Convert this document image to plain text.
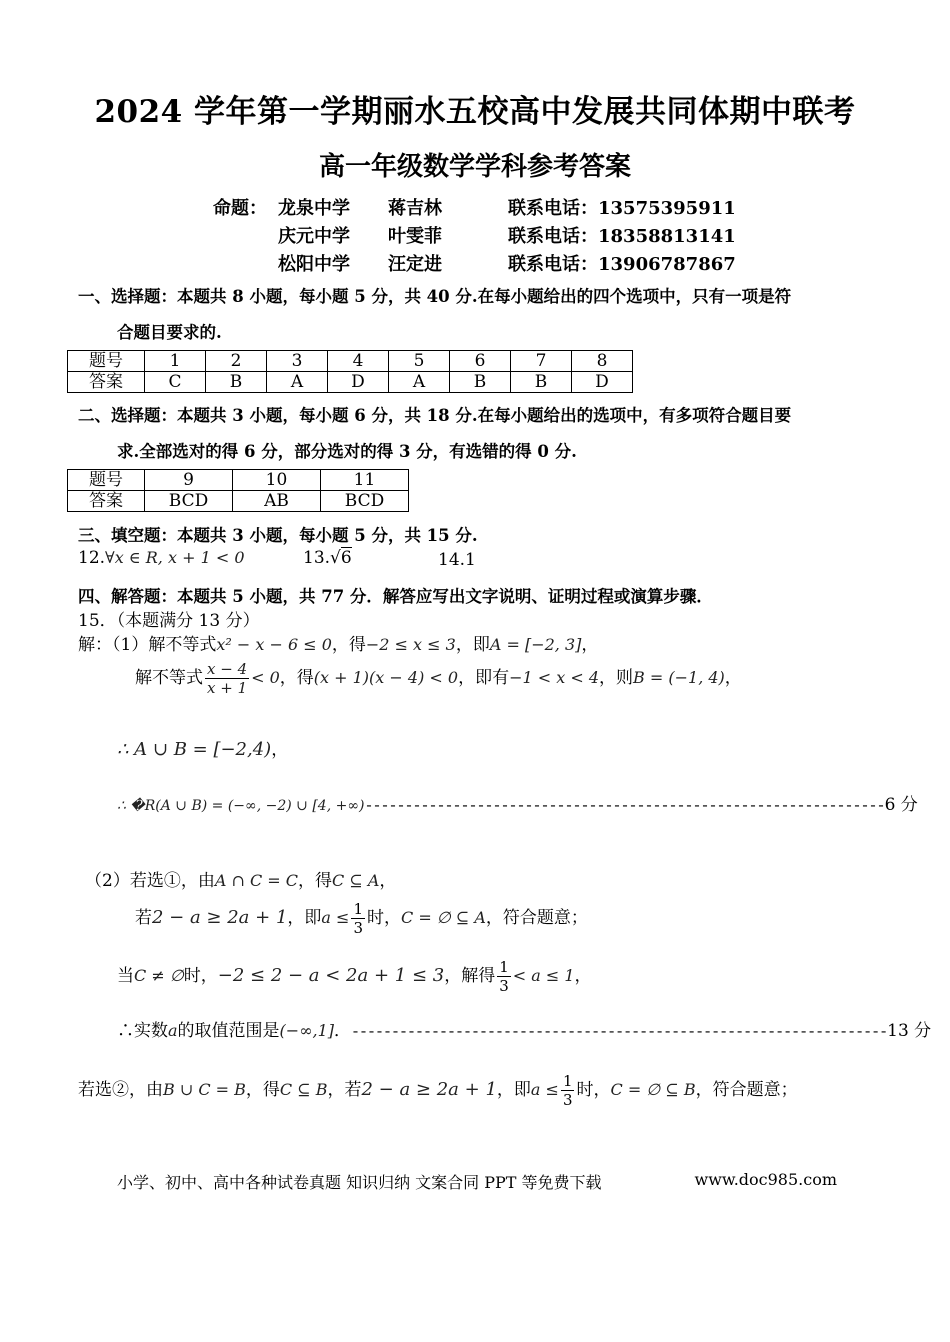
2024 学年第一学期丽水五校高中发展共同体期中联考
高一年级数学学科参考答案
命题： 龙泉中学	蒋吉林	联系电话：13575395911
庆元中学	叶雯菲	联系电话：18358813141
松阳中学	汪定进	联系电话：13906787867
一、选择题：本题共 8 小题，每小题 5 分，共 40 分.在每小题给出的四个选项中，只有一项是符
合题目要求的.
题号	1	2	3	4	5	6	7	8
答案	C	B	A	D	A	B	B	D
二、选择题：本题共 3 小题，每小题 6 分，共 18 分.在每小题给出的选项中，有多项符合题目要
求.全部选对的得 6 分，部分选对的得 3 分，有选错的得 0 分.
题号	9	10	11
答案	BCD	AB	BCD
三、填空题：本题共 3 小题，每小题 5 分，共 15 分.
12.∀x ∈ R, x + 1 < 0	13.√6	14.1
四、解答题：本题共 5 小题，共 77 分．解答应写出文字说明、证明过程或演算步骤．
15．（本题满分 13 分）
解：（1）解不等式x² − x − 6 ≤ 0，得−2 ≤ x ≤ 3，即A = [−2, 3]，
解不等式 $\frac{x - 4}{x + 1} < 0$，得(x + 1)(x − 4) < 0，即有−1 < x < 4，则B = (−1, 4)，
∴ A ∪ B = [−2,4)，
∴ �R(A ∪ B) = (−∞, −2) ∪ [4, +∞)-----------------------------------------------------------------6 分
（2）若选①，由A ∩ C = C，得C ⊆ A，
若2 − a ≥ 2a + 1，即$a \le \frac{1}{3}$ 时，C = ∅ ⊆ A，符合题意；
当C ≠ ∅时，−2 ≤ 2 − a < 2a + 1 ≤ 3，解得 $\frac{1}{3} < a \le 1$，
∴实数a的取值范围是(−∞,1]．-------------------------------------------------------------------13 分
若选②，由B ∪ C = B，得C ⊆ B，若2 − a ≥ 2a + 1，即$a \le \frac{1}{3}$ 时，C = ∅ ⊆ B，符合题意；
小学、初中、高中各种试卷真题 知识归纳 文案合同 PPT 等免费下载	www.doc985.com
